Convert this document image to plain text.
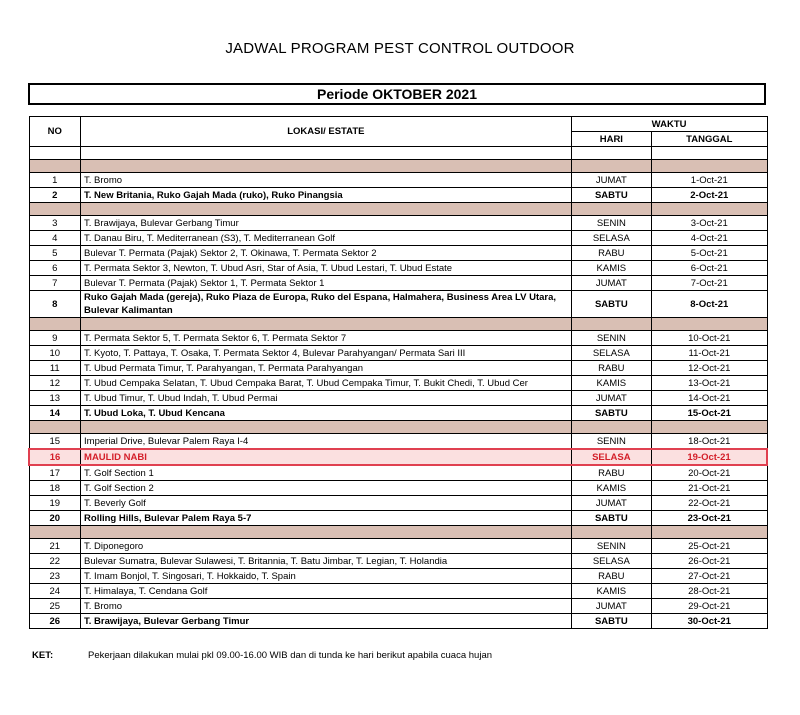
JADWAL PROGRAM PEST CONTROL OUTDOOR
Periode OKTOBER 2021
NO	LOKASI/ ESTATE	WAKTU	
		HARI	TANGGAL

1	T. Bromo	JUMAT	1-Oct-21
2	T. New Britania, Ruko Gajah Mada (ruko), Ruko Pinangsia	SABTU	2-Oct-21

3	T. Brawijaya, Bulevar Gerbang Timur	SENIN	3-Oct-21
4	T. Danau Biru, T. Mediterranean (S3), T. Mediterranean Golf	SELASA	4-Oct-21
5	Bulevar T. Permata (Pajak) Sektor 2, T. Okinawa, T. Permata Sektor 2	RABU	5-Oct-21
6	T. Permata Sektor 3, Newton, T. Ubud Asri, Star of Asia, T. Ubud Lestari, T. Ubud Estate	KAMIS	6-Oct-21
7	Bulevar T. Permata (Pajak) Sektor 1, T. Permata Sektor 1	JUMAT	7-Oct-21
8	Ruko Gajah Mada (gereja), Ruko Piaza de Europa, Ruko del Espana, Halmahera, Business Area LV Utara, Bulevar Kalimantan	SABTU	8-Oct-21

9	T. Permata Sektor 5, T. Permata Sektor 6, T. Permata Sektor 7	SENIN	10-Oct-21
10	T. Kyoto, T. Pattaya, T. Osaka, T. Permata Sektor 4, Bulevar Parahyangan/ Permata Sari III	SELASA	11-Oct-21
11	T. Ubud Permata Timur, T. Parahyangan, T. Permata Parahyangan	RABU	12-Oct-21
12	T. Ubud Cempaka Selatan, T. Ubud Cempaka Barat, T. Ubud Cempaka Timur, T. Bukit Chedi, T. Ubud Cer	KAMIS	13-Oct-21
13	T. Ubud Timur, T. Ubud Indah, T. Ubud Permai	JUMAT	14-Oct-21
14	T. Ubud Loka, T. Ubud Kencana	SABTU	15-Oct-21

15	Imperial Drive, Bulevar Palem Raya I-4	SENIN	18-Oct-21
16	MAULID NABI	SELASA	19-Oct-21
17	T. Golf Section 1	RABU	20-Oct-21
18	T. Golf Section 2	KAMIS	21-Oct-21
19	T. Beverly Golf	JUMAT	22-Oct-21
20	Rolling Hills, Bulevar Palem Raya 5-7	SABTU	23-Oct-21

21	T. Diponegoro	SENIN	25-Oct-21
22	Bulevar Sumatra, Bulevar Sulawesi, T. Britannia, T. Batu Jimbar, T. Legian, T. Holandia	SELASA	26-Oct-21
23	T. Imam Bonjol, T. Singosari, T. Hokkaido, T. Spain	RABU	27-Oct-21
24	T. Himalaya, T. Cendana Golf	KAMIS	28-Oct-21
25	T. Bromo	JUMAT	29-Oct-21
26	T. Brawijaya, Bulevar Gerbang Timur	SABTU	30-Oct-21
KET:	Pekerjaan dilakukan mulai pkl 09.00-16.00 WIB dan di tunda ke hari berikut apabila cuaca hujan
